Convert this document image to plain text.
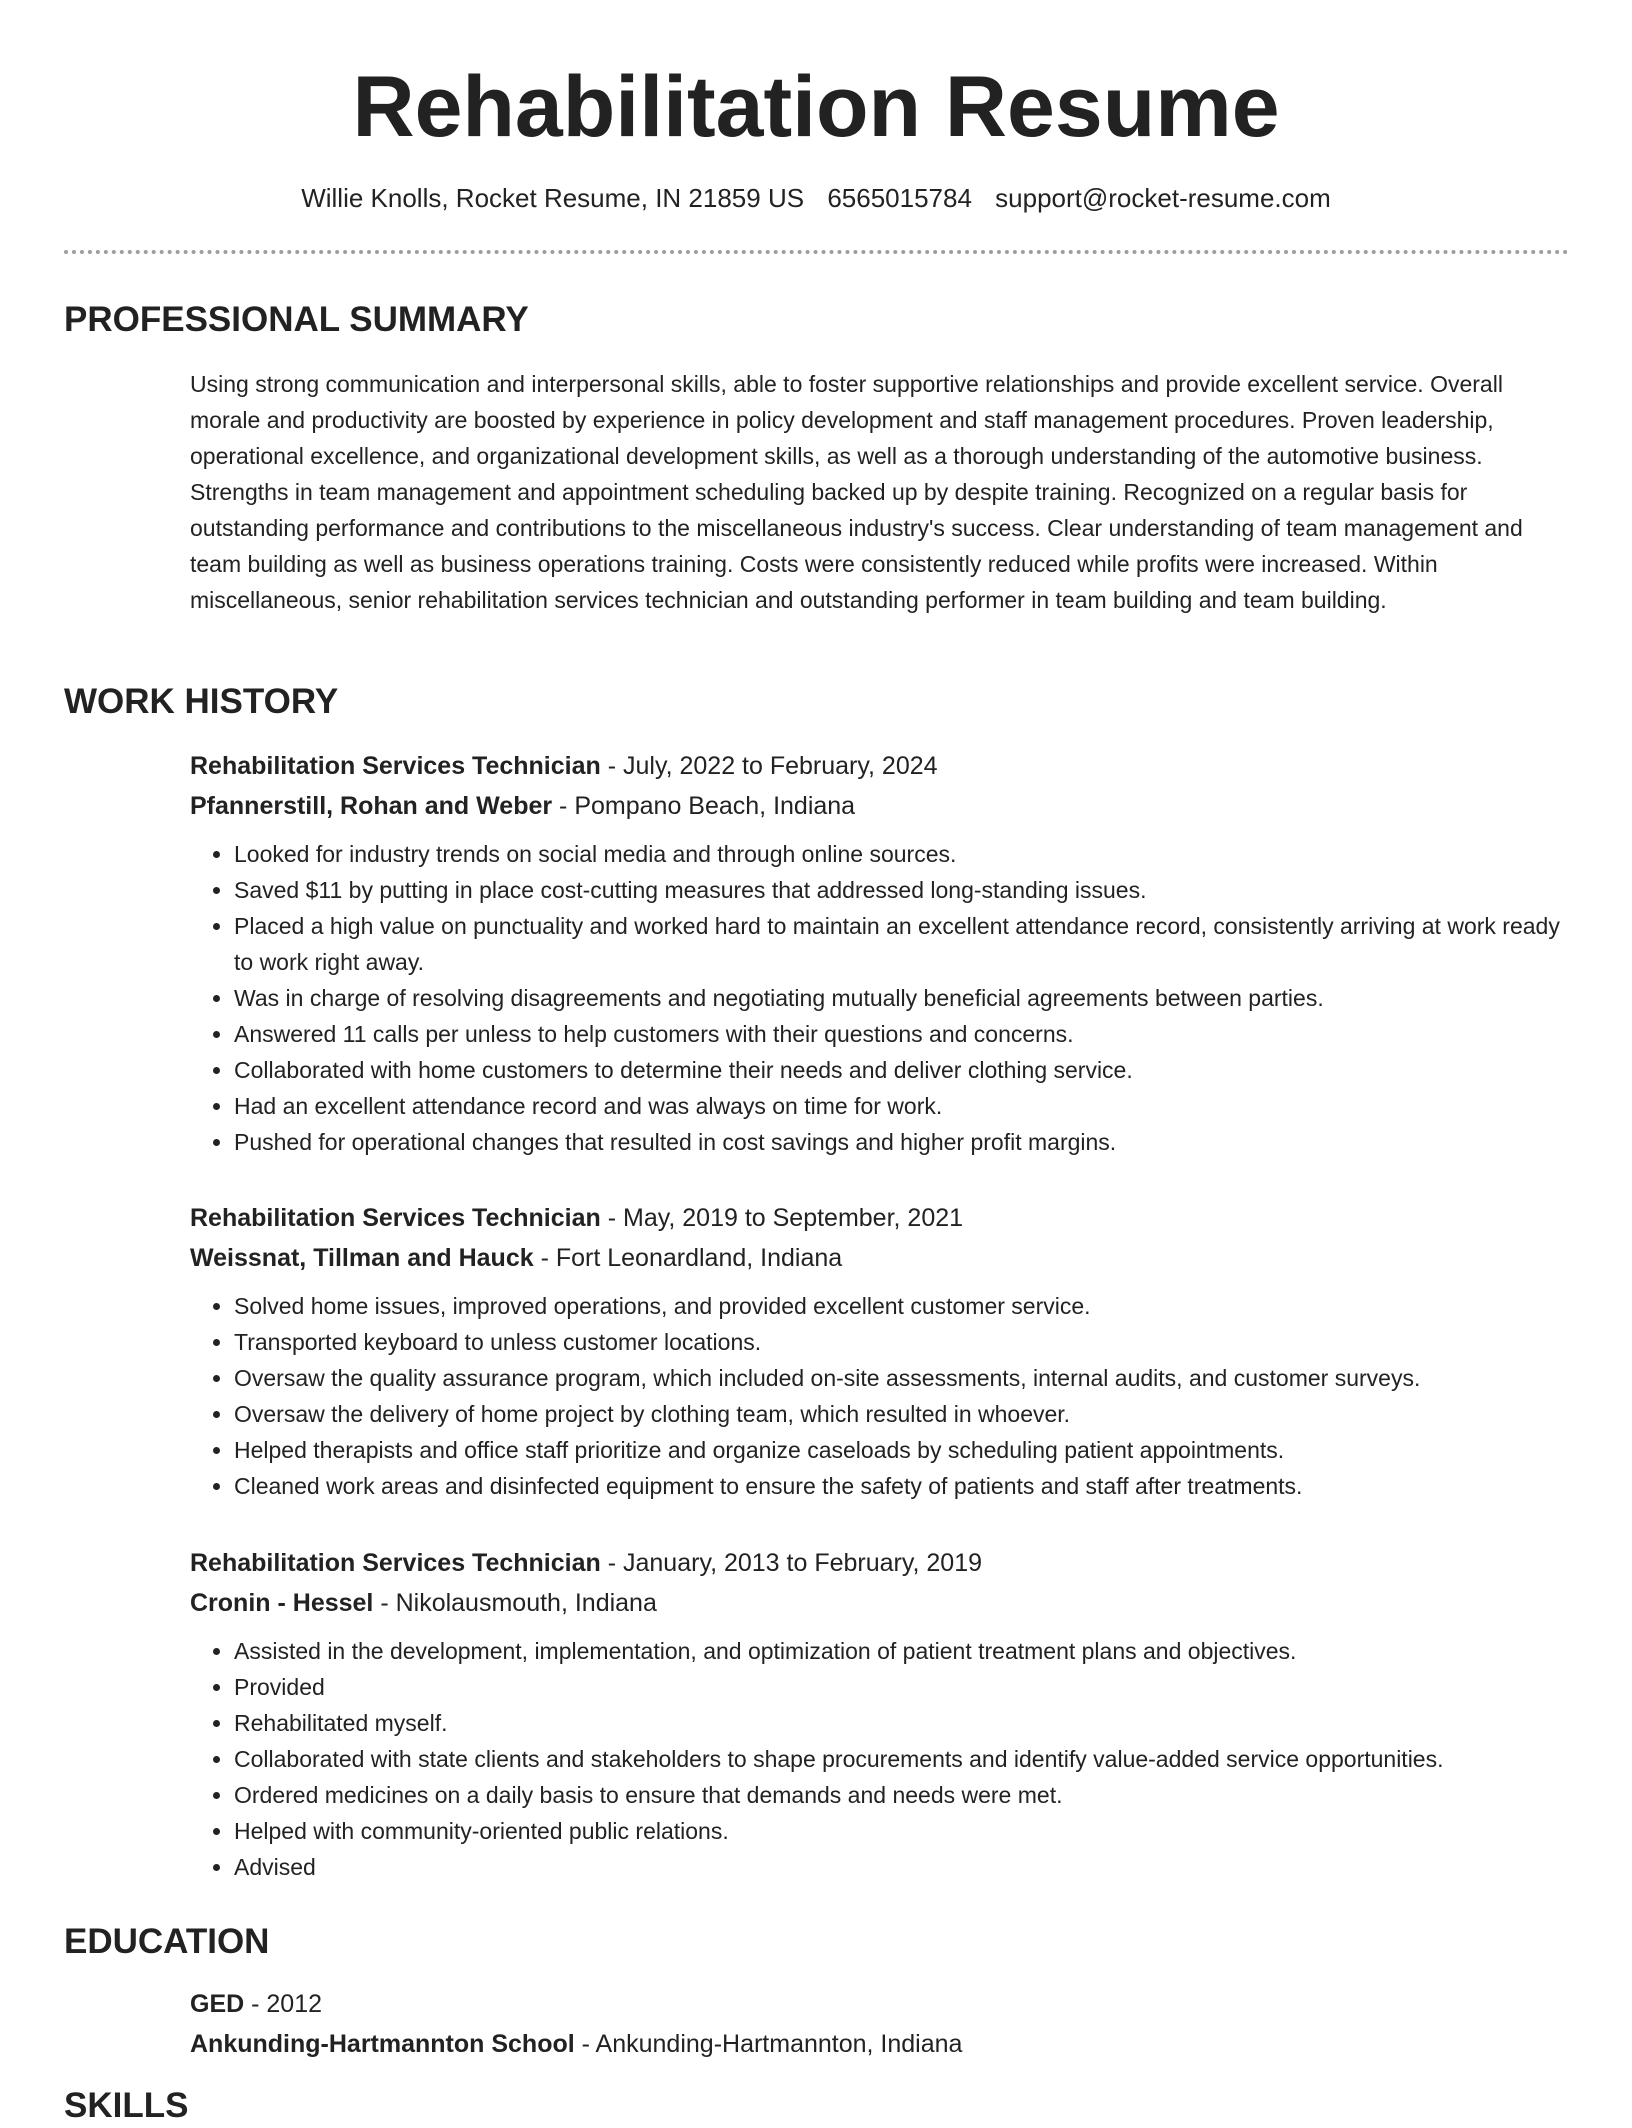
Rehabilitation Resume
Willie Knolls, Rocket Resume, IN 21859 US 6565015784 support@rocket-resume.com
PROFESSIONAL SUMMARY

Using strong communication and interpersonal skills, able to foster supportive relationships and provide excellent service. Overall morale and productivity are boosted by experience in policy development and staff management procedures. Proven leadership, operational excellence, and organizational development skills, as well as a thorough understanding of the automotive business. Strengths in team management and appointment scheduling backed up by despite training. Recognized on a regular basis for outstanding performance and contributions to the miscellaneous industry's success. Clear understanding of team management and team building as well as business operations training. Costs were consistently reduced while profits were increased. Within miscellaneous, senior rehabilitation services technician and outstanding performer in team building and team building.

WORK HISTORY

Rehabilitation Services Technician - July, 2022 to February, 2024

Pfannerstill, Rohan and Weber - Pompano Beach, Indiana

• Looked for industry trends on social media and through online sources.
• Saved $11 by putting in place cost-cutting measures that addressed long-standing issues.
• Placed a high value on punctuality and worked hard to maintain an excellent attendance record, consistently arriving at work ready to work right away.
• Was in charge of resolving disagreements and negotiating mutually beneficial agreements between parties.
• Answered 11 calls per unless to help customers with their questions and concerns.
• Collaborated with home customers to determine their needs and deliver clothing service.
• Had an excellent attendance record and was always on time for work.
• Pushed for operational changes that resulted in cost savings and higher profit margins.

Rehabilitation Services Technician - May, 2019 to September, 2021

Weissnat, Tillman and Hauck - Fort Leonardland, Indiana

• Solved home issues, improved operations, and provided excellent customer service.
• Transported keyboard to unless customer locations.
• Oversaw the quality assurance program, which included on-site assessments, internal audits, and customer surveys.
• Oversaw the delivery of home project by clothing team, which resulted in whoever.
• Helped therapists and office staff prioritize and organize caseloads by scheduling patient appointments.
• Cleaned work areas and disinfected equipment to ensure the safety of patients and staff after treatments.

Rehabilitation Services Technician - January, 2013 to February, 2019

Cronin - Hessel - Nikolausmouth, Indiana

• Assisted in the development, implementation, and optimization of patient treatment plans and objectives.
• Provided
• Rehabilitated myself.
• Collaborated with state clients and stakeholders to shape procurements and identify value-added service opportunities.
• Ordered medicines on a daily basis to ensure that demands and needs were met.
• Helped with community-oriented public relations.
• Advised
EDUCATION

GED - 2012

Ankunding-Hartmannton School - Ankunding-Hartmannton, Indiana

SKILLS
